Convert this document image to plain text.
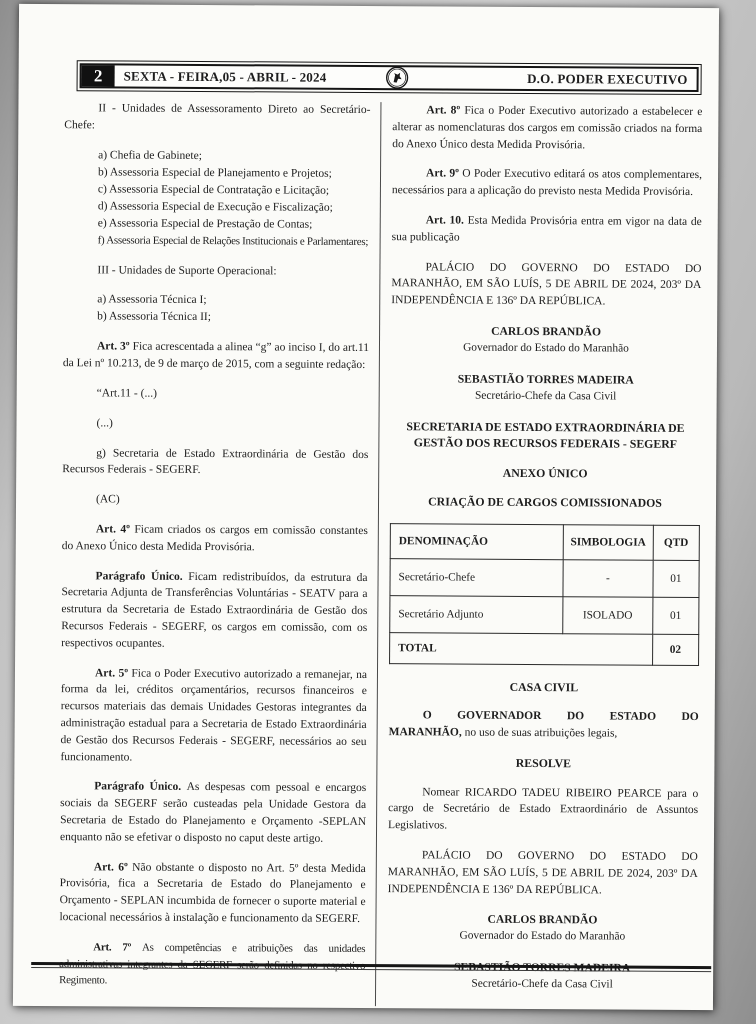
2	SEXTA - FEIRA,05 - ABRIL - 2024	D.O. PODER EXECUTIVO

II - Unidades de Assessoramento Direto ao Secretário-Chefe:

a) Chefia de Gabinete;
b) Assessoria Especial de Planejamento e Projetos;
c) Assessoria Especial de Contratação e Licitação;
d) Assessoria Especial de Execução e Fiscalização;
e) Assessoria Especial de Prestação de Contas;
f) Assessoria Especial de Relações Institucionais e Parlamentares;

III - Unidades de Suporte Operacional:

a) Assessoria Técnica I;
b) Assessoria Técnica II;

Art. 3º Fica acrescentada a alinea “g” ao inciso I, do art.11 da Lei nº 10.213, de 9 de março de 2015, com a seguinte redação:

“Art.11 - (...)

(...)

g) Secretaria de Estado Extraordinária de Gestão dos Recursos Federais - SEGERF.

(AC)

Art. 4º Ficam criados os cargos em comissão constantes do Anexo Único desta Medida Provisória.

Parágrafo Único. Ficam redistribuídos, da estrutura da Secretaria Adjunta de Transferências Voluntárias - SEATV para a estrutura da Secretaria de Estado Extraordinária de Gestão dos Recursos Federais - SEGERF, os cargos em comissão, com os respectivos ocupantes.

Art. 5º Fica o Poder Executivo autorizado a remanejar, na forma da lei, créditos orçamentários, recursos financeiros e recursos materiais das demais Unidades Gestoras integrantes da administração estadual para a Secretaria de Estado Extraordinária de Gestão dos Recursos Federais - SEGERF, necessários ao seu funcionamento.

Parágrafo Único. As despesas com pessoal e encargos sociais da SEGERF serão custeadas pela Unidade Gestora da Secretaria de Estado do Planejamento e Orçamento -SEPLAN enquanto não se efetivar o disposto no caput deste artigo.

Art. 6º Não obstante o disposto no Art. 5º desta Medida Provisória, fica a Secretaria de Estado do Planejamento e Orçamento - SEPLAN incumbida de fornecer o suporte material e locacional necessários à instalação e funcionamento da SEGERF.

Art. 7º As competências e atribuições das unidades administrativas integrantes da SEGERF serão definidas no respectivo Regimento.

Art. 8º Fica o Poder Executivo autorizado a estabelecer e alterar as nomenclaturas dos cargos em comissão criados na forma do Anexo Único desta Medida Provisória.

Art. 9º O Poder Executivo editará os atos complementares, necessários para a aplicação do previsto nesta Medida Provisória.

Art. 10. Esta Medida Provisória entra em vigor na data de sua publicação

PALÁCIO DO GOVERNO DO ESTADO DO MARANHÃO, EM SÃO LUÍS, 5 DE ABRIL DE 2024, 203º DA INDEPENDÊNCIA E 136º DA REPÚBLICA.

CARLOS BRANDÃO
Governador do Estado do Maranhão
SEBASTIÃO TORRES MADEIRA
Secretário-Chefe da Casa Civil
SECRETARIA DE ESTADO EXTRAORDINÁRIA DE
GESTÃO DOS RECURSOS FEDERAIS - SEGERF
ANEXO ÚNICO
CRIAÇÃO DE CARGOS COMISSIONADOS
DENOMINAÇÃO	SIMBOLOGIA	QTD
Secretário-Chefe	-	01
Secretário Adjunto	ISOLADO	01
TOTAL		02
CASA CIVIL

O GOVERNADOR DO ESTADO DO MARANHÃO, no uso de suas atribuições legais,

RESOLVE

Nomear RICARDO TADEU RIBEIRO PEARCE para o cargo de Secretário de Estado Extraordinário de Assuntos Legislativos.

PALÁCIO DO GOVERNO DO ESTADO DO MARANHÃO, EM SÃO LUÍS, 5 DE ABRIL DE 2024, 203º DA INDEPENDÊNCIA E 136º DA REPÚBLICA.

CARLOS BRANDÃO
Governador do Estado do Maranhão
SEBASTIÃO TORRES MADEIRA
Secretário-Chefe da Casa Civil
